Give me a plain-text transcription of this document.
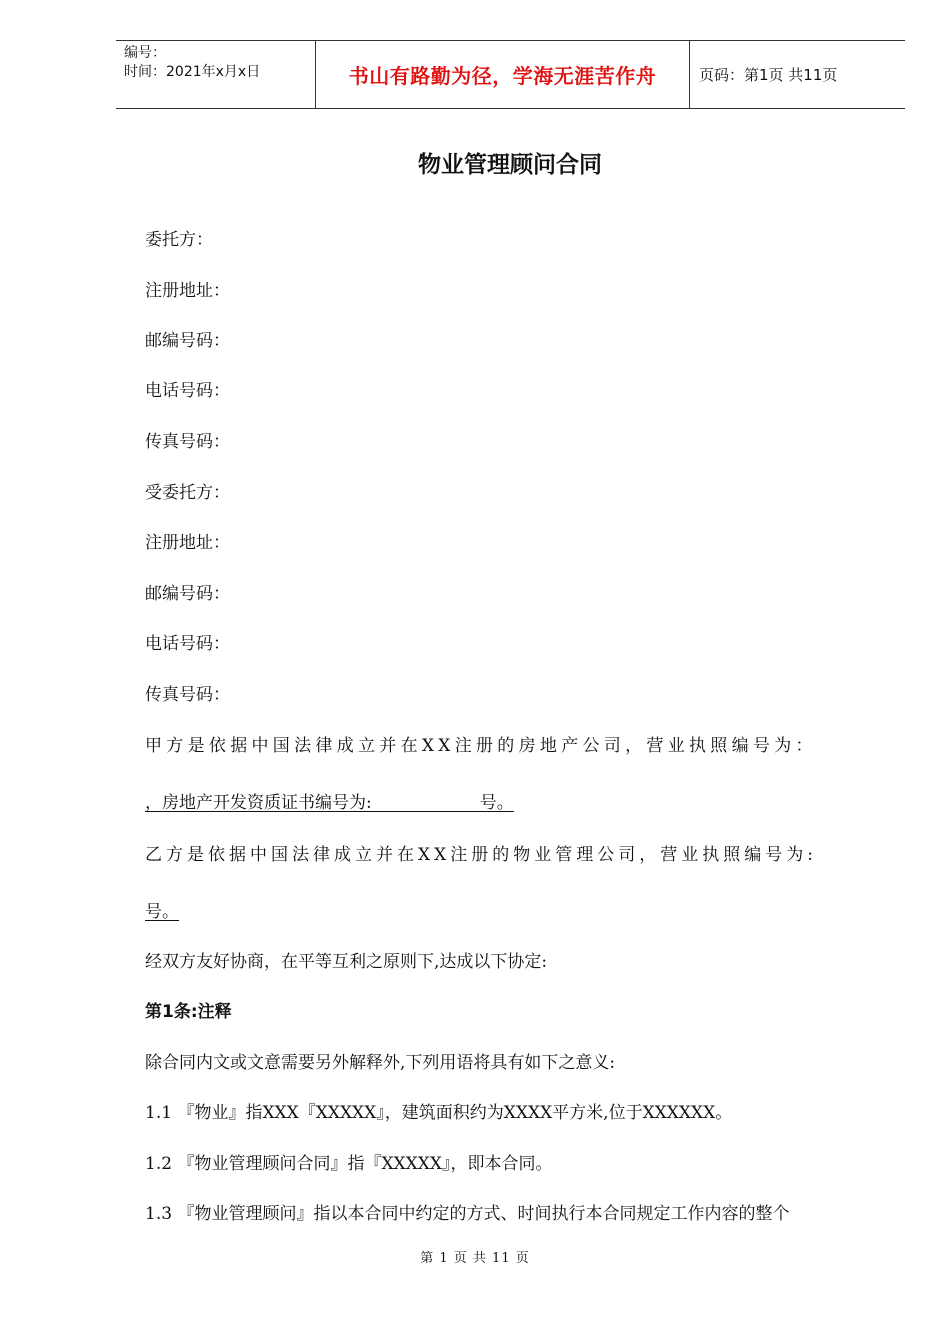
编号：
时间：2021年x月x日	书山有路勤为径，学海无涯苦作舟	页码：第1页 共11页
物业管理顾问合同
委托方：
注册地址：
邮编号码：
电话号码：
传真号码：
受委托方：
注册地址：
邮编号码：
电话号码：
传真号码：
甲方是依据中国法律成立并在XX注册的房地产公司，营业执照编号为：
，房地产开发资质证书编号为:                    号。
乙方是依据中国法律成立并在XX注册的物业管理公司，营业执照编号为:
号。
经双方友好协商，在平等互利之原则下,达成以下协定:
第1条:注释
除合同内文或文意需要另外解释外,下列用语将具有如下之意义:
1.1 『物业』指XXX『XXXXX』，建筑面积约为XXXX平方米,位于XXXXXX。
1.2 『物业管理顾问合同』指『XXXXX』，即本合同。
1.3 『物业管理顾问』指以本合同中约定的方式、时间执行本合同规定工作内容的整个
第 1 页 共 11 页
